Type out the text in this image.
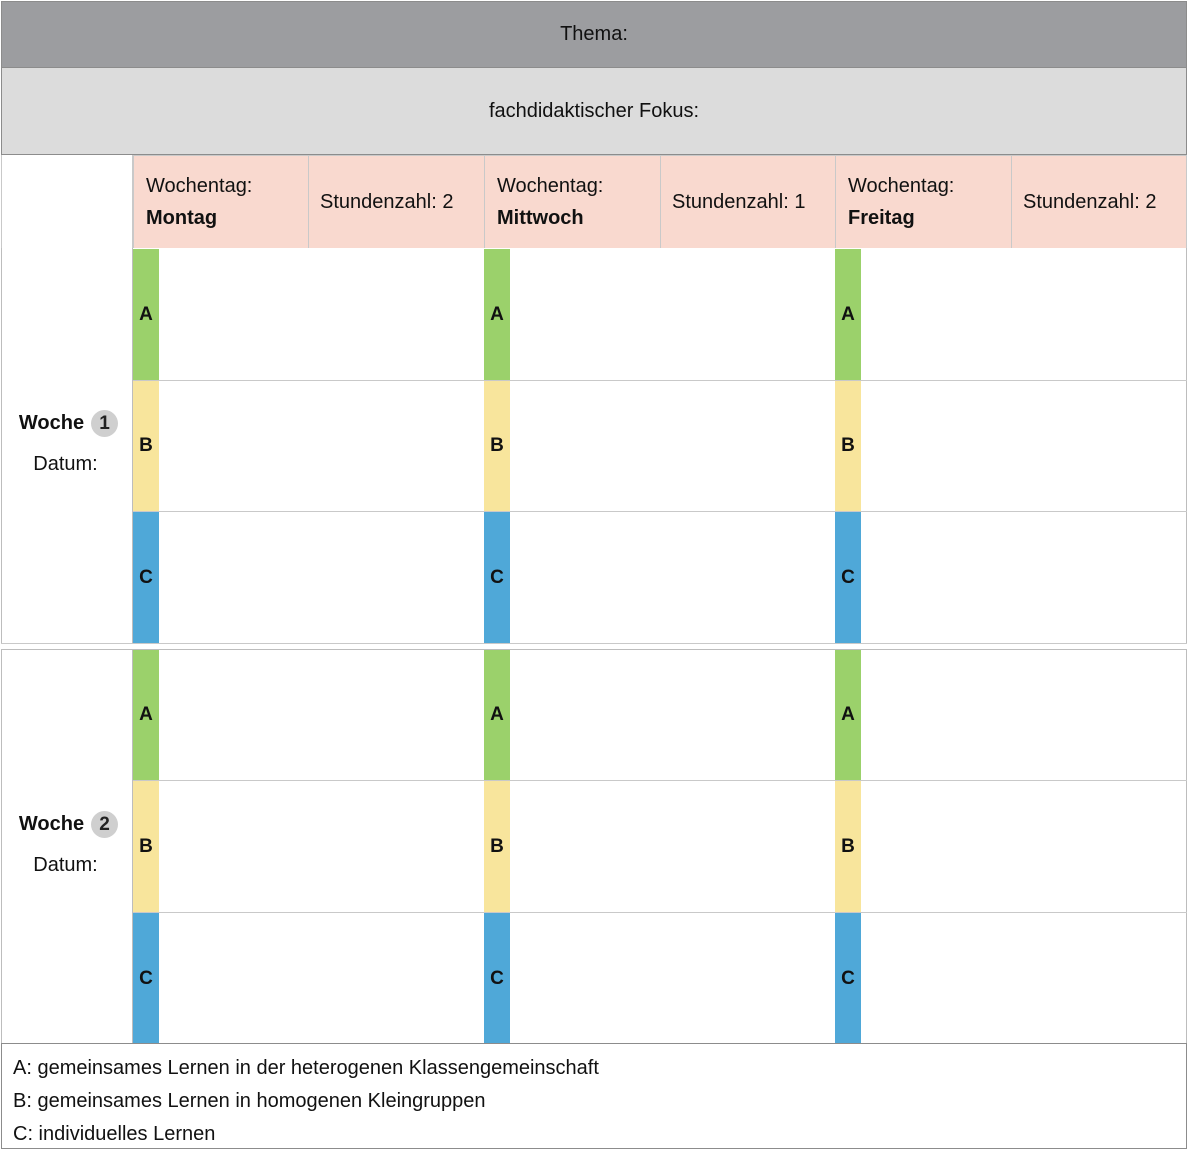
Thema:
fachdidaktischer Fokus:
Wochentag:
Montag
Stundenzahl: 2
Wochentag:
Mittwoch
Stundenzahl: 1
Wochentag:
Freitag
Stundenzahl: 2
Woche 1
Datum:
Woche 2
Datum:
A
B
C
A
B
C
A
B
C
A
B
C
A
B
C
A
B
C
A: gemeinsames Lernen in der heterogenen Klassengemeinschaft
B: gemeinsames Lernen in homogenen Kleingruppen
C: individuelles Lernen
